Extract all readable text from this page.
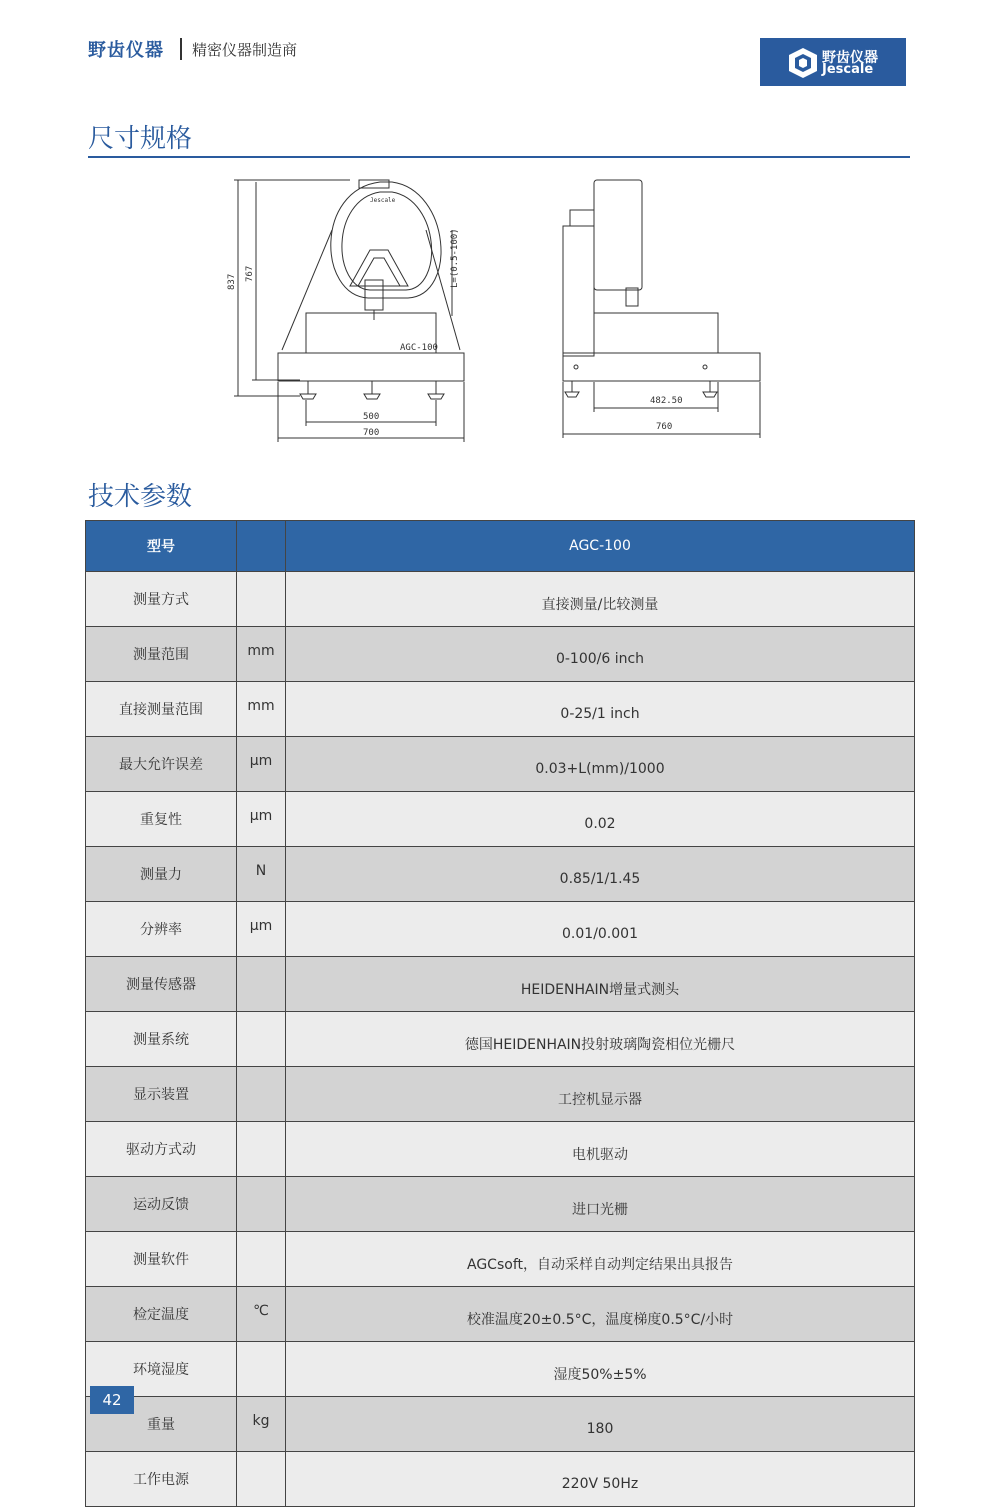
野齿仪器 精密仪器制造商	野齿仪器
Jescale
尺寸规格
837 767
Jescale
AGC-100
L=(0.5-100)
500
700
482.50
760
技术参数
型号		AGC-100
测量方式		直接测量/比较测量
测量范围	mm	0-100/6 inch
直接测量范围	mm	0-25/1 inch
最大允许误差	μm	0.03+L(mm)/1000
重复性	μm	0.02
测量力	N	0.85/1/1.45
分辨率	μm	0.01/0.001
测量传感器		HEIDENHAIN增量式测头
测量系统		德国HEIDENHAIN投射玻璃陶瓷相位光栅尺
显示装置		工控机显示器
驱动方式动		电机驱动
运动反馈		进口光栅
测量软件		AGCsoft，自动采样自动判定结果出具报告
检定温度	℃	校准温度20±0.5°C，温度梯度0.5°C/小时
环境湿度		湿度50%±5%
重量	kg	180
工作电源		220V 50Hz
42
